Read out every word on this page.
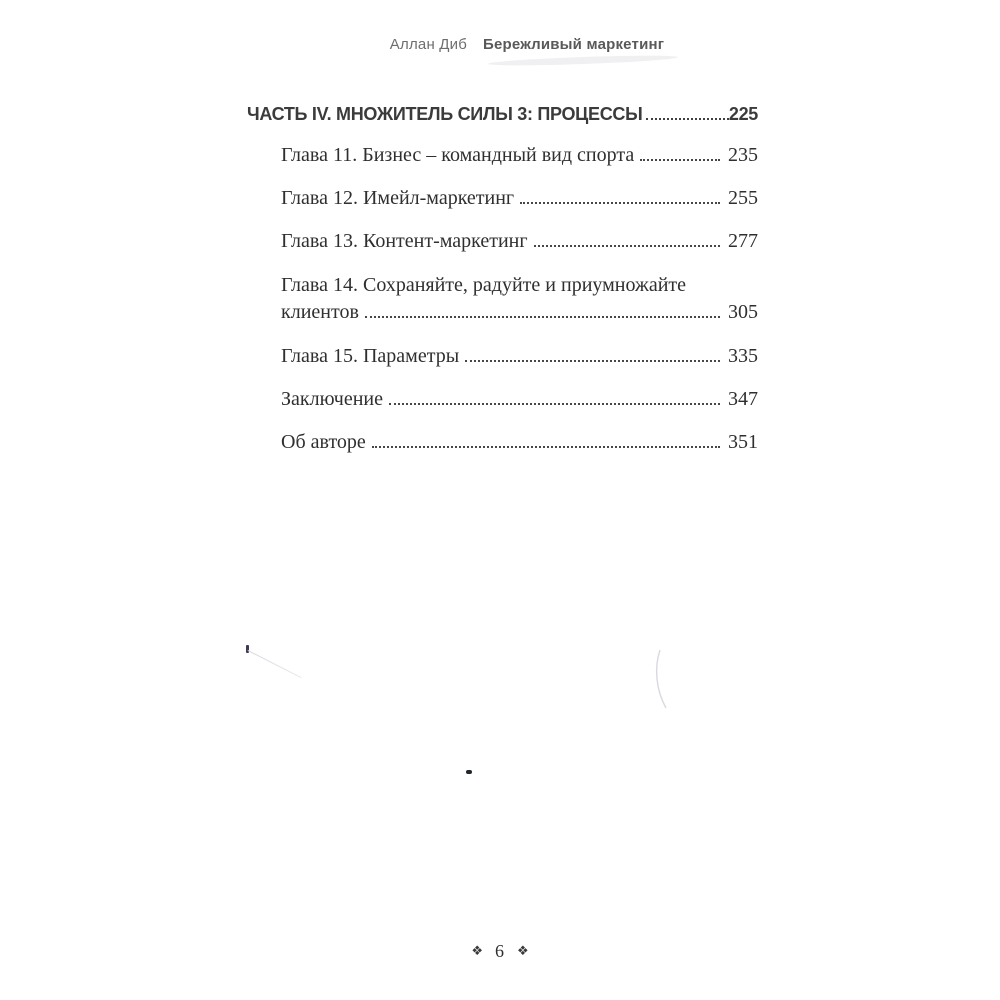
Аллан Диб Бережливый маркетинг
ЧАСТЬ IV. МНОЖИТЕЛЬ СИЛЫ 3: ПРОЦЕССЫ	225
Глава 11. Бизнес – командный вид спорта	235
Глава 12. Имейл-маркетинг	255
Глава 13. Контент-маркетинг	277
Глава 14. Сохраняйте, радуйте и приумножайте
клиентов	305
Глава 15. Параметры	335
Заключение	347
Об авторе	351
❖ 6 ❖
